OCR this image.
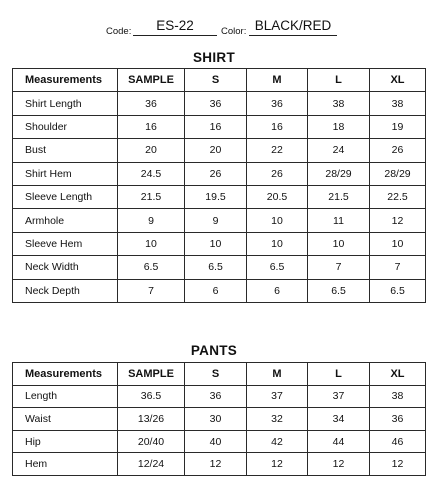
Code:	ES-22	Color: BLACK/RED
SHIRT
Measurements	SAMPLE	S	M	L	XL
Shirt Length	36	36	36	38	38
Shoulder	16	16	16	18	19
Bust	20	20	22	24	26
Shirt Hem	24.5	26	26	28/29	28/29
Sleeve Length	21.5	19.5	20.5	21.5	22.5
Armhole	9	9	10	11	12
Sleeve Hem	10	10	10	10	10
Neck Width	6.5	6.5	6.5	7	7
Neck Depth	7	6	6	6.5	6.5
PANTS
Measurements	SAMPLE	S	M	L	XL
Length	36.5	36	37	37	38
Waist	13/26	30	32	34	36
Hip	20/40	40	42	44	46
Hem	12/24	12	12	12	12
